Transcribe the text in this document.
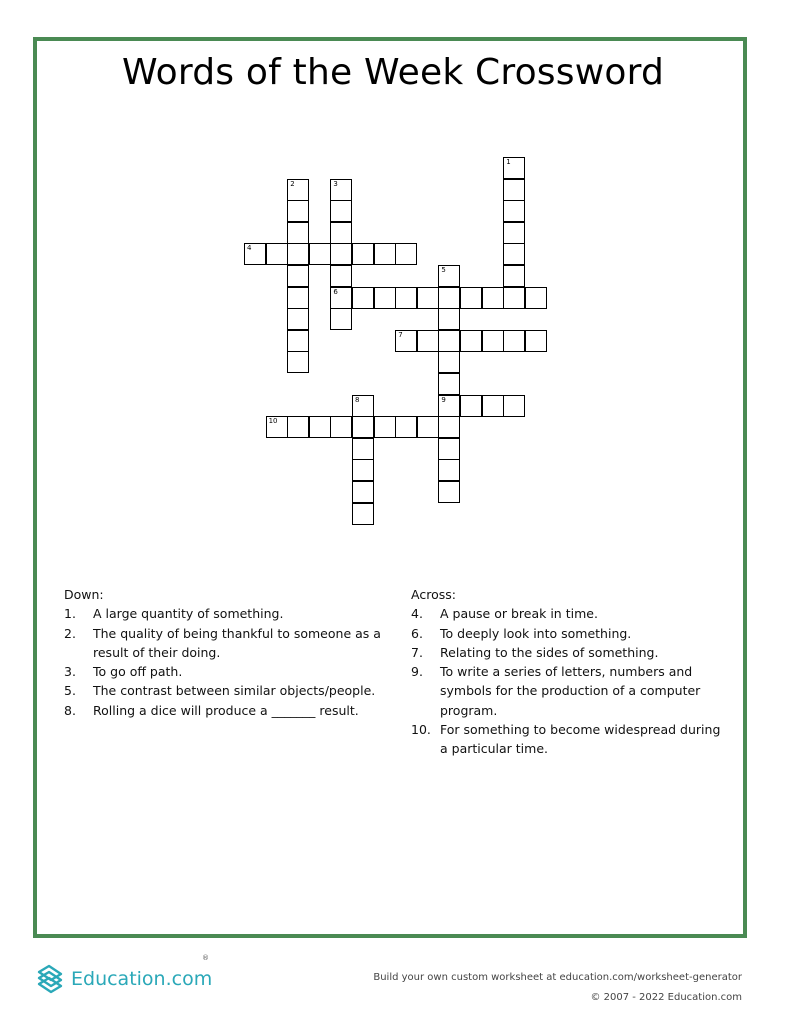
Words of the Week Crossword
1
2	3
6
4
5
9
7
8
10
Down:
1.	A large quantity of something.
2.	The quality of being thankful to someone as a result of their doing.
3.	To go off path.
5.	The contrast between similar objects/people.
8.	Rolling a dice will produce a _______ result.
Across:
4.	A pause or break in time.
6.	To deeply look into something.
7.	Relating to the sides of something.
9.	To write a series of letters, numbers and symbols for the production of a computer program.
10. For something to become widespread during a particular time.
Education.com
®
Build your own custom worksheet at education.com/worksheet-generator
© 2007 - 2022 Education.com
